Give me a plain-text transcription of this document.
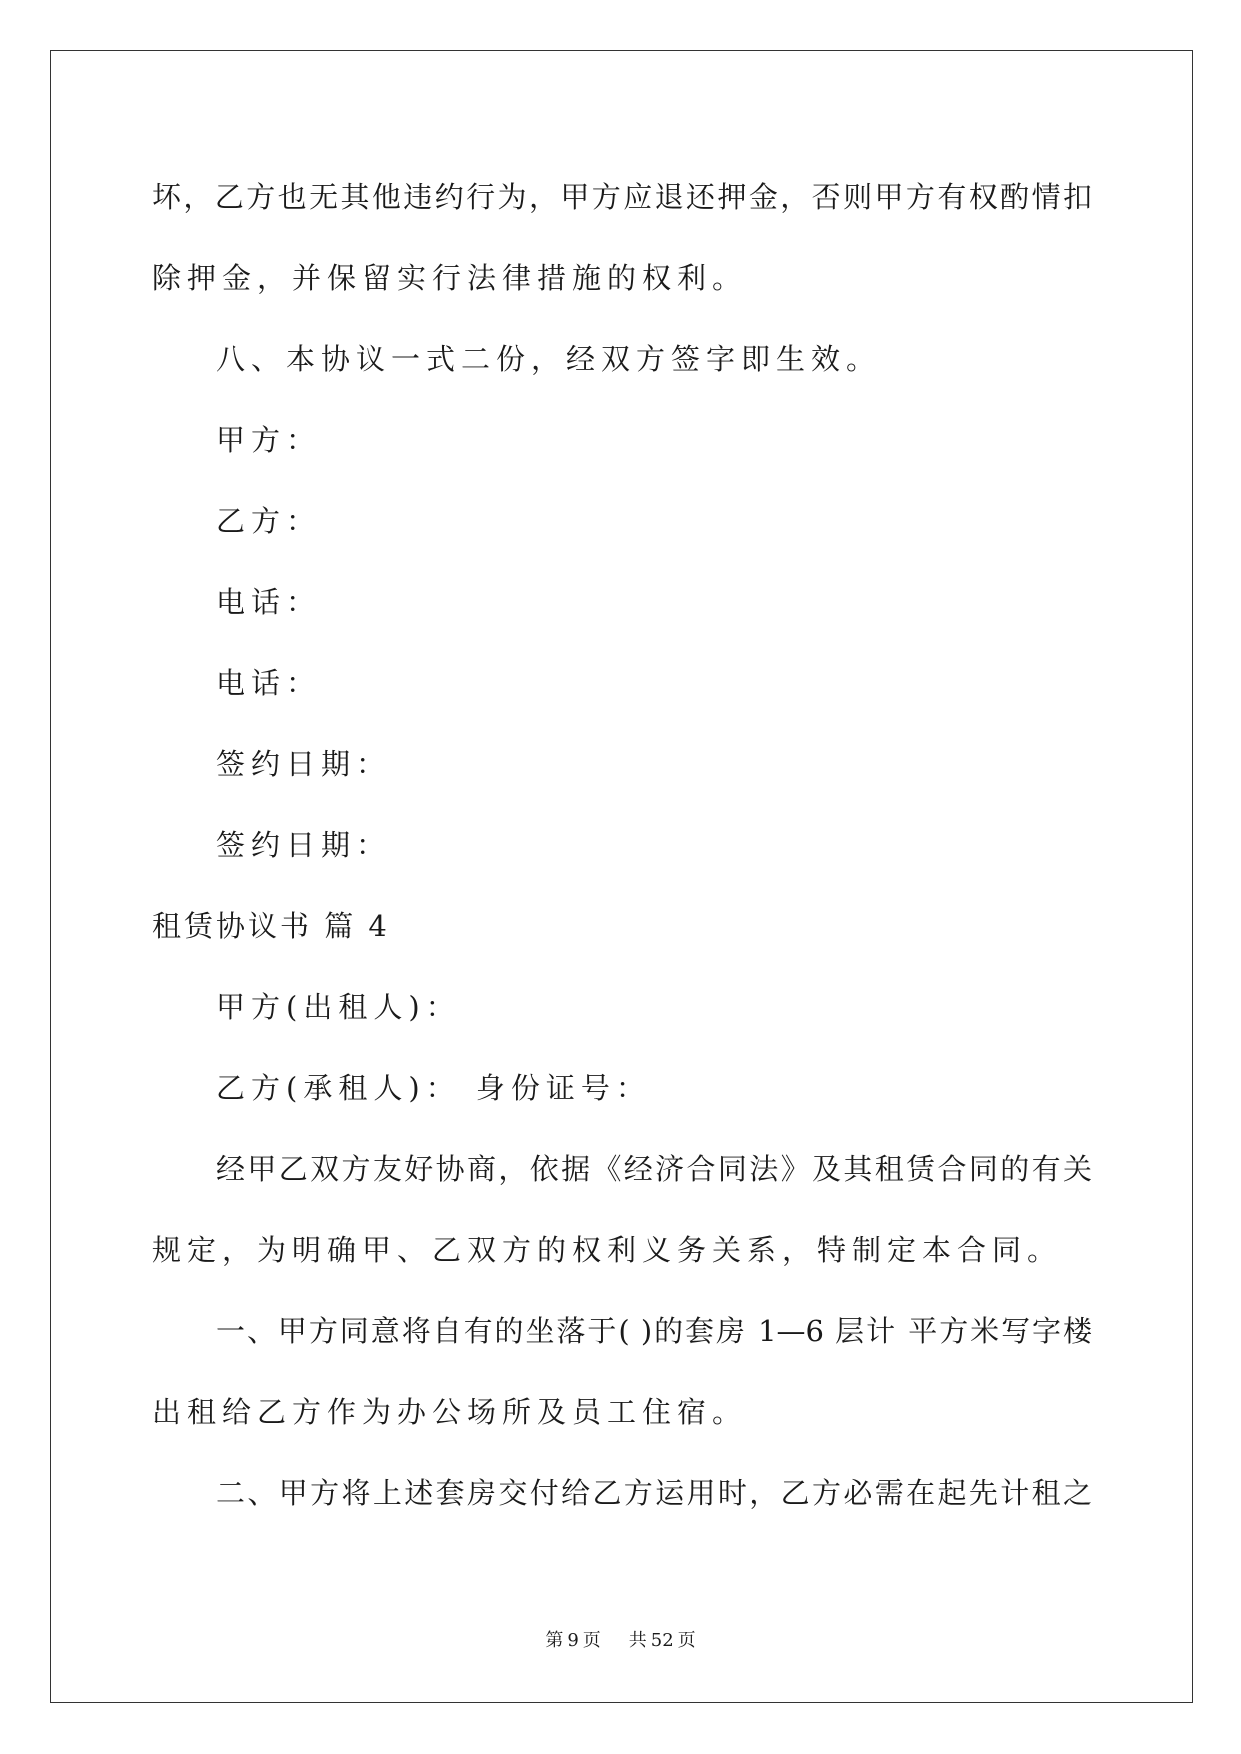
坏，乙方也无其他违约行为，甲方应退还押金，否则甲方有权酌情扣
除押金，并保留实行法律措施的权利。
八、本协议一式二份，经双方签字即生效。
甲方：
乙方：
电话：
电话：
签约日期：
签约日期：
租赁协议书 篇 4
甲方(出租人)：
乙方(承租人)： 身份证号：
经甲乙双方友好协商，依据《经济合同法》及其租赁合同的有关
规定，为明确甲、乙双方的权利义务关系，特制定本合同。
一、甲方同意将自有的坐落于( )的套房 1—6 层计 平方米写字楼
出租给乙方作为办公场所及员工住宿。
二、甲方将上述套房交付给乙方运用时，乙方必需在起先计租之
第 9 页 共 52 页
